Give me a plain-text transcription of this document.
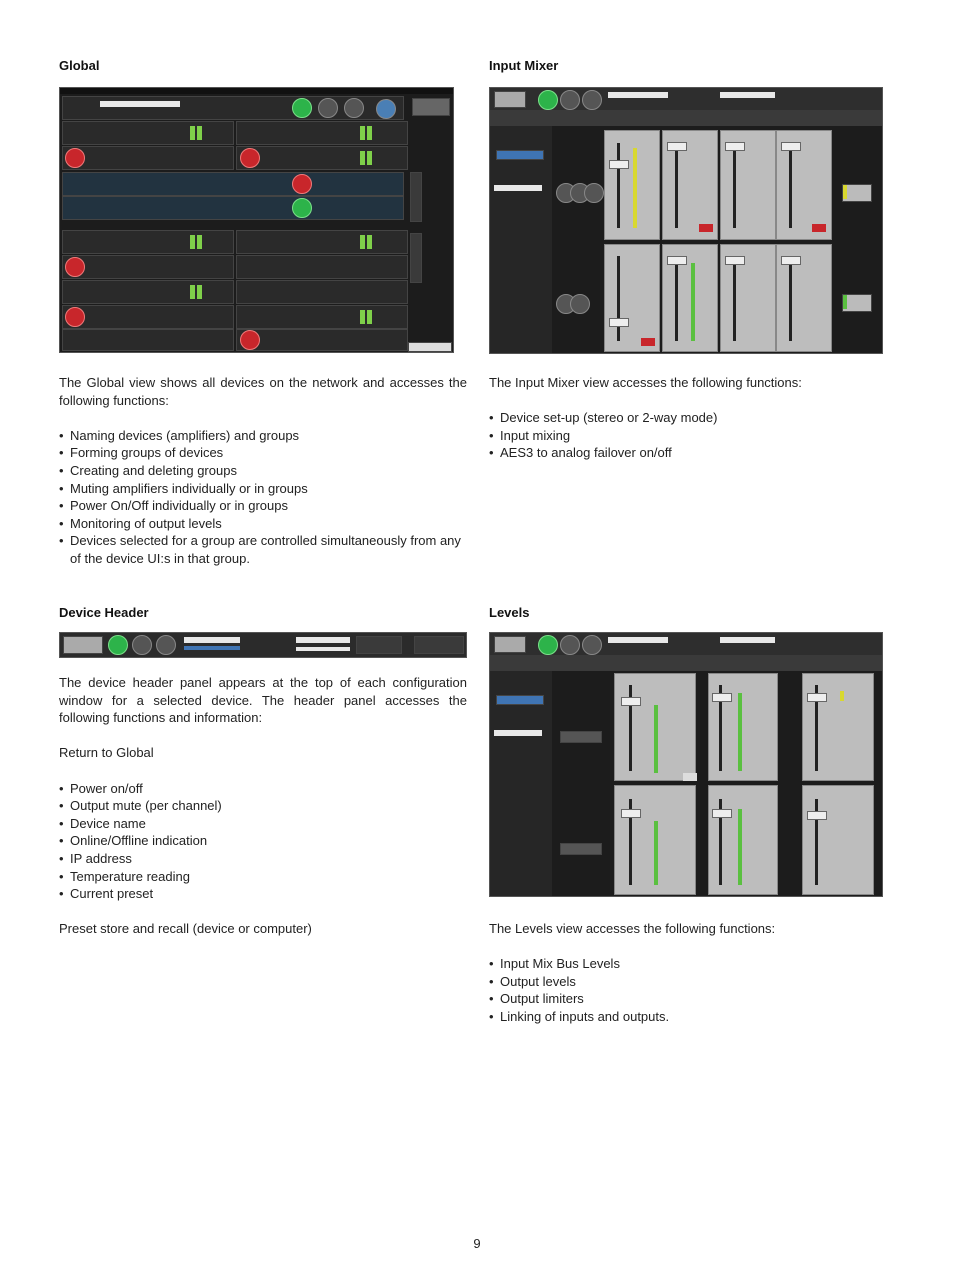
Global

The Global view shows all devices on the network and accesses the following functions:

• Naming devices (amplifiers) and groups
• Forming groups of devices
• Creating and deleting groups
• Muting amplifiers individually or in groups
• Power On/Off individually or in groups
• Monitoring of output levels
• Devices selected for a group are controlled simultaneously from any of the device UI:s in that group.

Input Mixer

The Input Mixer view accesses the following functions:

• Device set-up (stereo or 2-way mode)
• Input mixing
• AES3 to analog failover on/off

Device Header

The device header panel appears at the top of each configuration window for a selected device. The header panel accesses the following functions and information:

Return to Global

• Power on/off
• Output mute (per channel)
• Device name
• Online/Offline indication
• IP address
• Temperature reading
• Current preset

Preset store and recall (device or computer)

Levels

The Levels view accesses the following functions:

• Input Mix Bus Levels
• Output levels
• Output limiters
• Linking of inputs and outputs.
9
